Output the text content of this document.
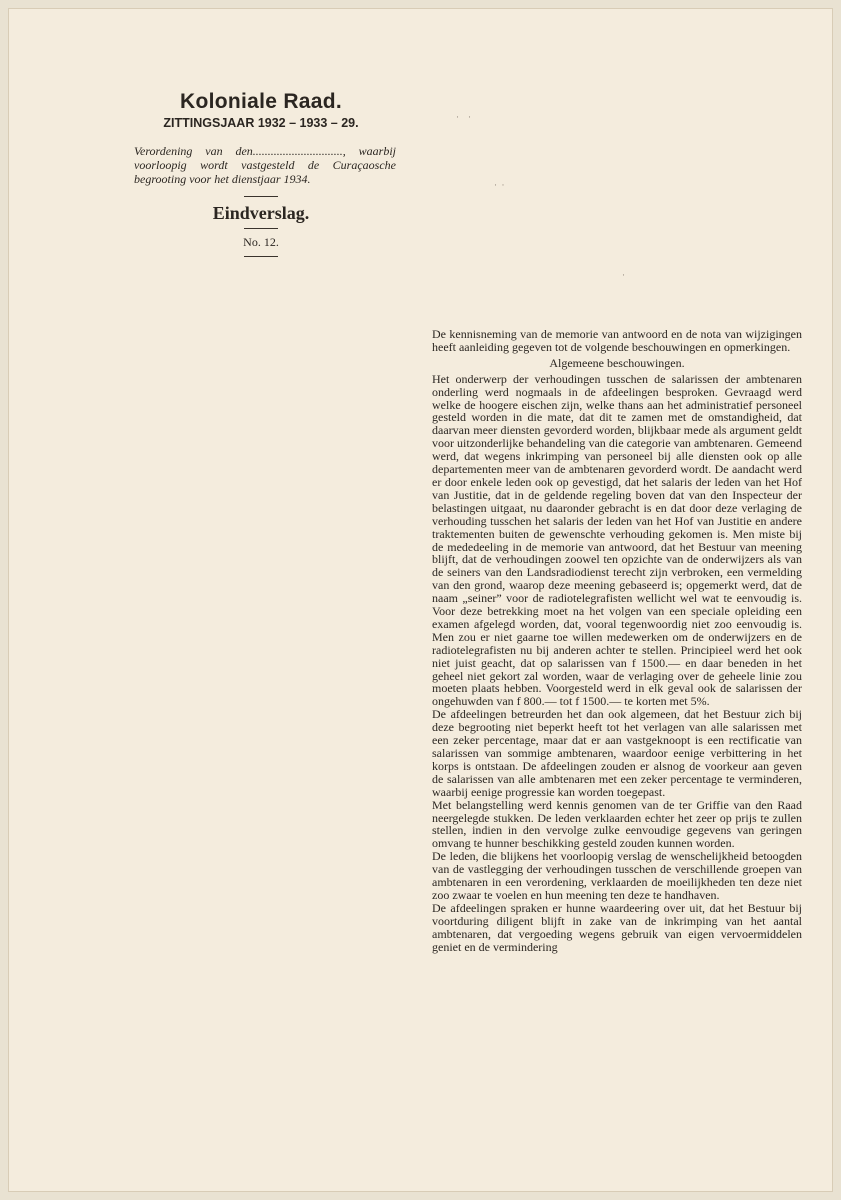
Koloniale Raad.
ZITTINGSJAAR 1932 – 1933 – 29.
Verordening van den.............................., waarbij voorloopig wordt vastgesteld de Curaçaosche begrooting voor het dienstjaar 1934.
Eindverslag.
No. 12.
·    ·
·  ·
·

De kennisneming van de memorie van antwoord en de nota van wijzigingen heeft aanleiding gegeven tot de volgende beschouwingen en opmerkingen.

Algemeene beschouwingen.

Het onderwerp der verhoudingen tusschen de salarissen der ambtenaren onderling werd nogmaals in de afdeelingen besproken. Gevraagd werd welke de hoogere eischen zijn, welke thans aan het administratief personeel gesteld worden in die mate, dat dit te zamen met de omstandigheid, dat daarvan meer diensten gevorderd worden, blijkbaar mede als argument geldt voor uitzonderlijke behandeling van die categorie van ambtenaren. Gemeend werd, dat wegens inkrimping van personeel bij alle diensten ook op alle departementen meer van de ambtenaren gevorderd wordt. De aandacht werd er door enkele leden ook op gevestigd, dat het salaris der leden van het Hof van Justitie, dat in de geldende regeling boven dat van den Inspecteur der belastingen uitgaat, nu daaronder gebracht is en dat door deze verlaging de verhouding tusschen het salaris der leden van het Hof van Justitie en andere traktementen buiten de gewenschte verhouding gekomen is. Men miste bij de mededeeling in de memorie van antwoord, dat het Bestuur van meening blijft, dat de verhoudingen zoowel ten opzichte van de onderwijzers als van de seiners van den Landsradiodienst terecht zijn verbroken, een vermelding van den grond, waarop deze meening gebaseerd is; opgemerkt werd, dat de naam „seiner” voor de radiotelegrafisten wellicht wel wat te eenvoudig is. Voor deze betrekking moet na het volgen van een speciale opleiding een examen afgelegd worden, dat, vooral tegenwoordig niet zoo eenvoudig is. Men zou er niet gaarne toe willen medewerken om de onderwijzers en de radiotelegrafisten nu bij anderen achter te stellen. Principieel werd het ook niet juist geacht, dat op salarissen van f 1500.— en daar beneden in het geheel niet gekort zal worden, waar de verlaging over de geheele linie zou moeten plaats hebben. Voorgesteld werd in elk geval ook de salarissen der ongehuwden van f 800.— tot f 1500.— te korten met 5%.

De afdeelingen betreurden het dan ook algemeen, dat het Bestuur zich bij deze begrooting niet beperkt heeft tot het verlagen van alle salarissen met een zeker percentage, maar dat er aan vastgeknoopt is een rectificatie van salarissen van sommige ambtenaren, waardoor eenige verbittering in het korps is ontstaan. De afdeelingen zouden er alsnog de voorkeur aan geven de salarissen van alle ambtenaren met een zeker percentage te verminderen, waarbij eenige progressie kan worden toegepast.

Met belangstelling werd kennis genomen van de ter Griffie van den Raad neergelegde stukken. De leden verklaarden echter het zeer op prijs te zullen stellen, indien in den vervolge zulke eenvoudige gegevens van geringen omvang te hunner beschikking gesteld zouden kunnen worden.

De leden, die blijkens het voorloopig verslag de wenschelijkheid betoogden van de vastlegging der verhoudingen tusschen de verschillende groepen van ambtenaren in een verordening, verklaarden de moeilijkheden ten deze niet zoo zwaar te voelen en hun meening ten deze te handhaven.

De afdeelingen spraken er hunne waardeering over uit, dat het Bestuur bij voortduring diligent blijft in zake van de inkrimping van het aantal ambtenaren, dat vergoeding wegens gebruik van eigen vervoermiddelen geniet en de vermindering
